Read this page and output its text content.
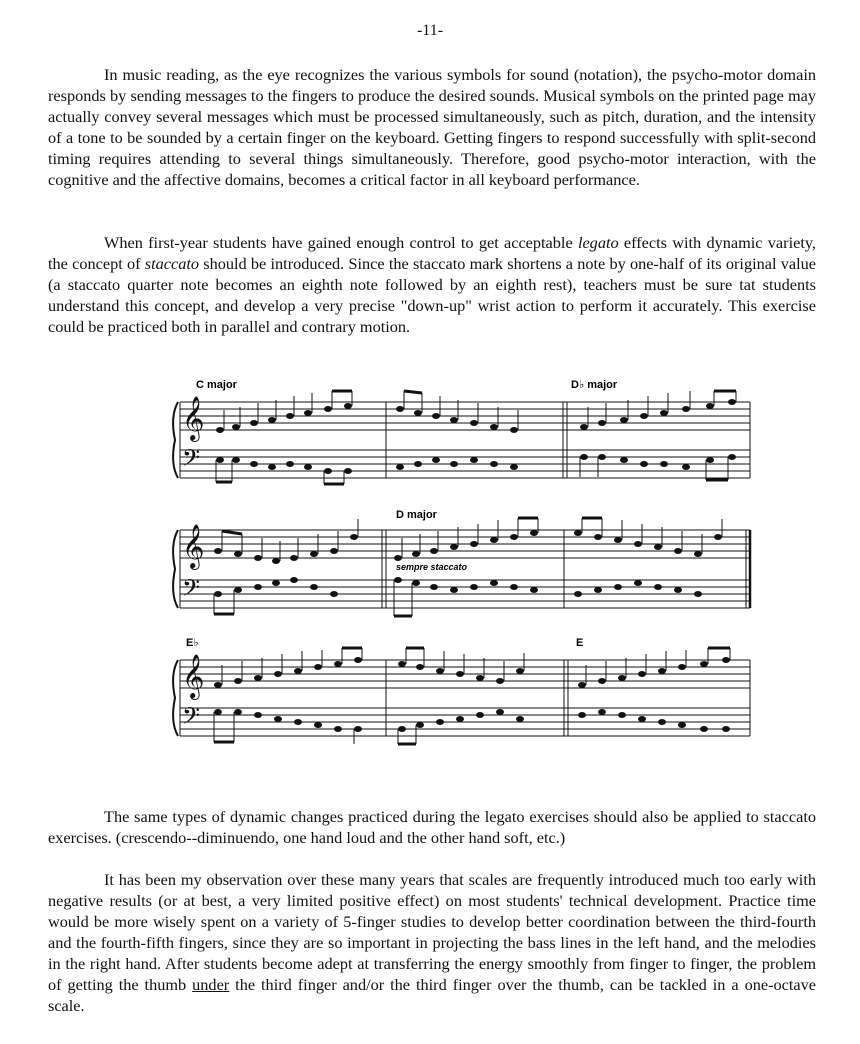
-11-

In music reading, as the eye recognizes the various symbols for sound (notation), the psycho-motor domain responds by sending messages to the fingers to produce the desired sounds. Musical symbols on the printed page may actually convey several messages which must be processed simultaneously, such as pitch, duration, and the intensity of a tone to be sounded by a certain finger on the keyboard. Getting fingers to respond successfully with split-second timing requires attending to several things simultaneously. Therefore, good psycho-motor interaction, with the cognitive and the affective domains, becomes a critical factor in all keyboard performance.

When first-year students have gained enough control to get acceptable legato effects with dynamic variety, the concept of staccato should be introduced. Since the staccato mark shortens a note by one-half of its original value (a staccato quarter note becomes an eighth note followed by an eighth rest), teachers must be sure tat students understand this concept, and develop a very precise "down-up" wrist action to perform it accurately. This exercise could be practiced both in parallel and contrary motion.

C major	D♭ major
𝄞
𝄢
D major
sempre staccato
𝄞
𝄢
E♭	E
𝄞
𝄢

The same types of dynamic changes practiced during the legato exercises should also be applied to staccato exercises. (crescendo--diminuendo, one hand loud and the other hand soft, etc.)

It has been my observation over these many years that scales are frequently introduced much too early with negative results (or at best, a very limited positive effect) on most students' technical development. Practice time would be more wisely spent on a variety of 5-finger studies to develop better coordination between the third-fourth and the fourth-fifth fingers, since they are so important in projecting the bass lines in the left hand, and the melodies in the right hand. After students become adept at transferring the energy smoothly from finger to finger, the problem of getting the thumb under the third finger and/or the third finger over the thumb, can be tackled in a one-octave scale.
